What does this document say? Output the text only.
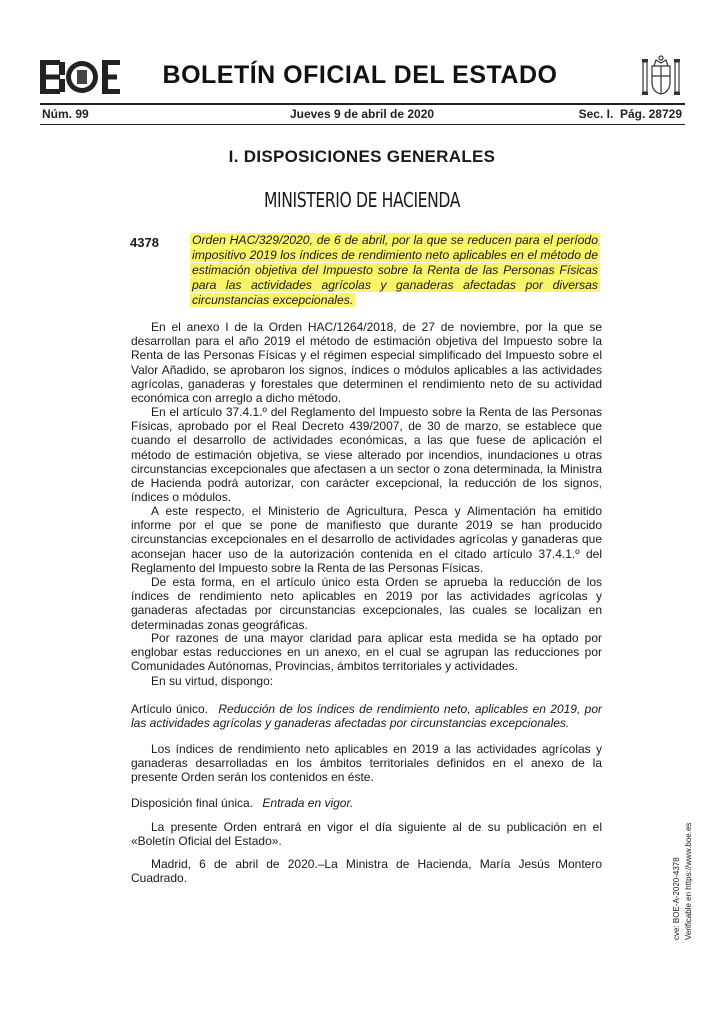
BOLETÍN OFICIAL DEL ESTADO
Núm. 99	Jueves 9 de abril de 2020	Sec. I.  Pág. 28729
I. DISPOSICIONES GENERALES
MINISTERIO DE HACIENDA
4378	Orden HAC/329/2020, de 6 de abril, por la que se reducen para el período impositivo 2019 los índices de rendimiento neto aplicables en el método de estimación objetiva del Impuesto sobre la Renta de las Personas Físicas para las actividades agrícolas y ganaderas afectadas por diversas circunstancias excepcionales.
En el anexo I de la Orden HAC/1264/2018, de 27 de noviembre, por la que se desarrollan para el año 2019 el método de estimación objetiva del Impuesto sobre la Renta de las Personas Físicas y el régimen especial simplificado del Impuesto sobre el Valor Añadido, se aprobaron los signos, índices o módulos aplicables a las actividades agrícolas, ganaderas y forestales que determinen el rendimiento neto de su actividad económica con arreglo a dicho método.
En el artículo 37.4.1.º del Reglamento del Impuesto sobre la Renta de las Personas Físicas, aprobado por el Real Decreto 439/2007, de 30 de marzo, se establece que cuando el desarrollo de actividades económicas, a las que fuese de aplicación el método de estimación objetiva, se viese alterado por incendios, inundaciones u otras circunstancias excepcionales que afectasen a un sector o zona determinada, la Ministra de Hacienda podrá autorizar, con carácter excepcional, la reducción de los signos, índices o módulos.
A este respecto, el Ministerio de Agricultura, Pesca y Alimentación ha emitido informe por el que se pone de manifiesto que durante 2019 se han producido circunstancias excepcionales en el desarrollo de actividades agrícolas y ganaderas que aconsejan hacer uso de la autorización contenida en el citado artículo 37.4.1.º del Reglamento del Impuesto sobre la Renta de las Personas Físicas.
De esta forma, en el artículo único esta Orden se aprueba la reducción de los índices de rendimiento neto aplicables en 2019 por las actividades agrícolas y ganaderas afectadas por circunstancias excepcionales, las cuales se localizan en determinadas zonas geográficas.
Por razones de una mayor claridad para aplicar esta medida se ha optado por englobar estas reducciones en un anexo, en el cual se agrupan las reducciones por Comunidades Autónomas, Provincias, ámbitos territoriales y actividades.
En su virtud, dispongo:
Artículo único. Reducción de los índices de rendimiento neto, aplicables en 2019, por las actividades agrícolas y ganaderas afectadas por circunstancias excepcionales.
Los índices de rendimiento neto aplicables en 2019 a las actividades agrícolas y ganaderas desarrolladas en los ámbitos territoriales definidos en el anexo de la presente Orden serán los contenidos en éste.
Disposición final única. Entrada en vigor.
La presente Orden entrará en vigor el día siguiente al de su publicación en el «Boletín Oficial del Estado».
Madrid, 6 de abril de 2020.–La Ministra de Hacienda, María Jesús Montero Cuadrado.	cve: BOE-A-2020-4378 Verificable en https://www.boe.es
